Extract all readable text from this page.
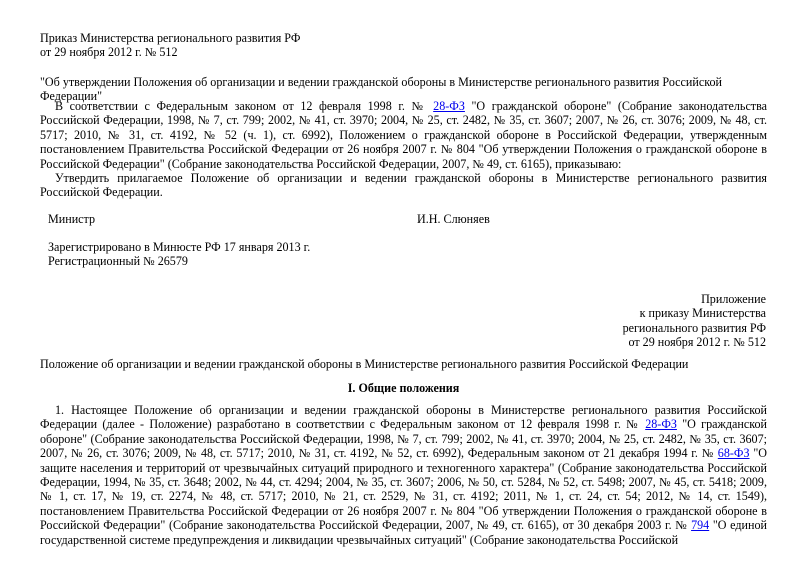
Приказ Министерства регионального развития РФ
от 29 ноября 2012 г. № 512
"Об утверждении Положения об организации и ведении гражданской обороны в Министерстве регионального развития Российской Федерации"

В соответствии с Федеральным законом от 12 февраля 1998 г. № 28-ФЗ "О гражданской обороне" (Собрание законодательства Российской Федерации, 1998, № 7, ст. 799; 2002, № 41, ст. 3970; 2004, № 25, ст. 2482, № 35, ст. 3607; 2007, № 26, ст. 3076; 2009, № 48, ст. 5717; 2010, № 31, ст. 4192, № 52 (ч. 1), ст. 6992), Положением о гражданской обороне в Российской Федерации, утвержденным постановлением Правительства Российской Федерации от 26 ноября 2007 г. № 804 "Об утверждении Положения о гражданской обороне в Российской Федерации" (Собрание законодательства Российской Федерации, 2007, № 49, ст. 6165), приказываю:

Утвердить прилагаемое Положение об организации и ведении гражданской обороны в Министерстве регионального развития Российской Федерации.

Министр	И.Н. Слюняев
Зарегистрировано в Минюсте РФ 17 января 2013 г.
Регистрационный № 26579
Приложение
к приказу Министерства
регионального развития РФ
от 29 ноября 2012 г. № 512
Положение об организации и ведении гражданской обороны в Министерстве регионального развития Российской Федерации
I. Общие положения

1. Настоящее Положение об организации и ведении гражданской обороны в Министерстве регионального развития Российской Федерации (далее - Положение) разработано в соответствии с Федеральным законом от 12 февраля 1998 г. № 28-ФЗ "О гражданской обороне" (Собрание законодательства Российской Федерации, 1998, № 7, ст. 799; 2002, № 41, ст. 3970; 2004, № 25, ст. 2482, № 35, ст. 3607; 2007, № 26, ст. 3076; 2009, № 48, ст. 5717; 2010, № 31, ст. 4192, № 52, ст. 6992), Федеральным законом от 21 декабря 1994 г. № 68-ФЗ "О защите населения и территорий от чрезвычайных ситуаций природного и техногенного характера" (Собрание законодательства Российской Федерации, 1994, № 35, ст. 3648; 2002, № 44, ст. 4294; 2004, № 35, ст. 3607; 2006, № 50, ст. 5284, № 52, ст. 5498; 2007, № 45, ст. 5418; 2009, № 1, ст. 17, № 19, ст. 2274, № 48, ст. 5717; 2010, № 21, ст. 2529, № 31, ст. 4192; 2011, № 1, ст. 24, ст. 54; 2012, № 14, ст. 1549), постановлением Правительства Российской Федерации от 26 ноября 2007 г. № 804 "Об утверждении Положения о гражданской обороне в Российской Федерации" (Собрание законодательства Российской Федерации, 2007, № 49, ст. 6165), от 30 декабря 2003 г. № 794 "О единой государственной системе предупреждения и ликвидации чрезвычайных ситуаций" (Собрание законодательства Российской
